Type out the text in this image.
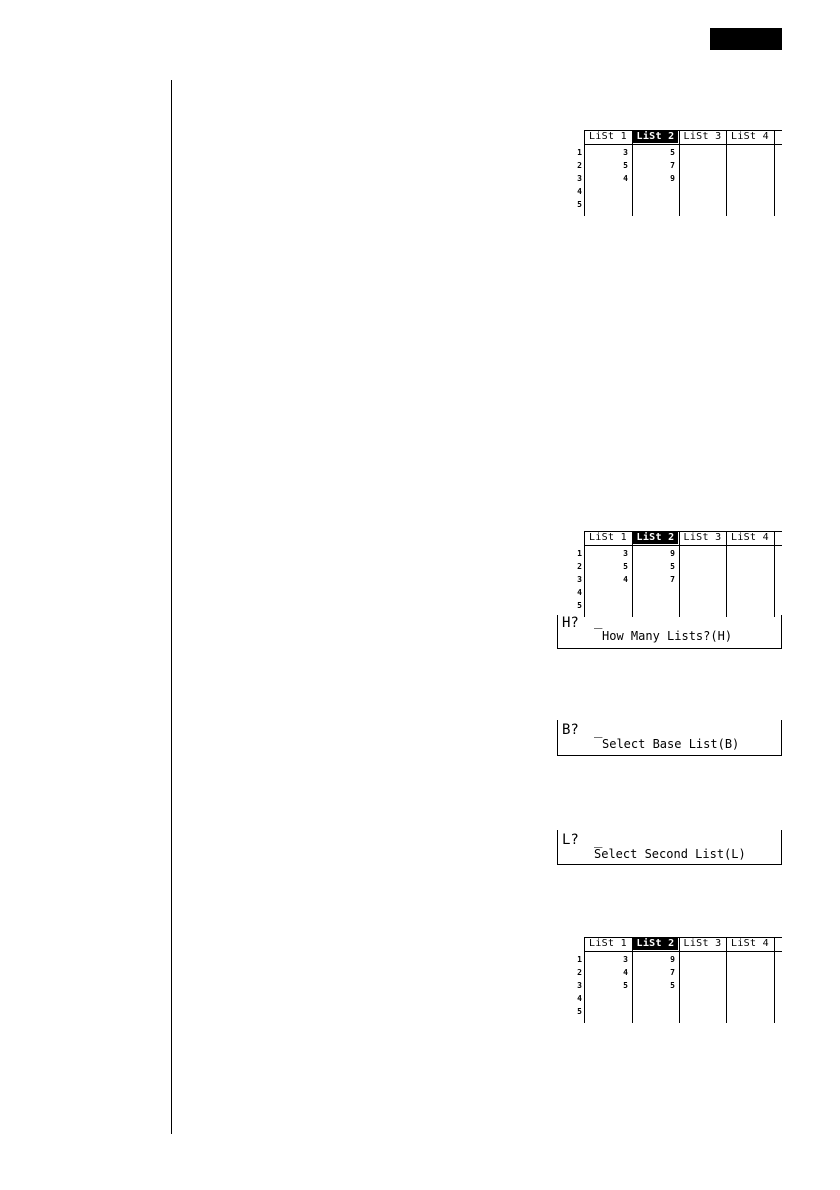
LiSt 1 LiSt 2 LiSt 3 LiSt 4
1
2
3
4
5
3
5
4
5
7
9
LiSt 1 LiSt 2 LiSt 3 LiSt 4
1
2
3
4
5
3
5
4
9
5
7
H? _
How Many Lists?(H)
B? _
Select Base List(B)
L? _
Select Second List(L)
LiSt 1 LiSt 2 LiSt 3 LiSt 4
1
2
3
4
5
3
4
5
9
7
5
